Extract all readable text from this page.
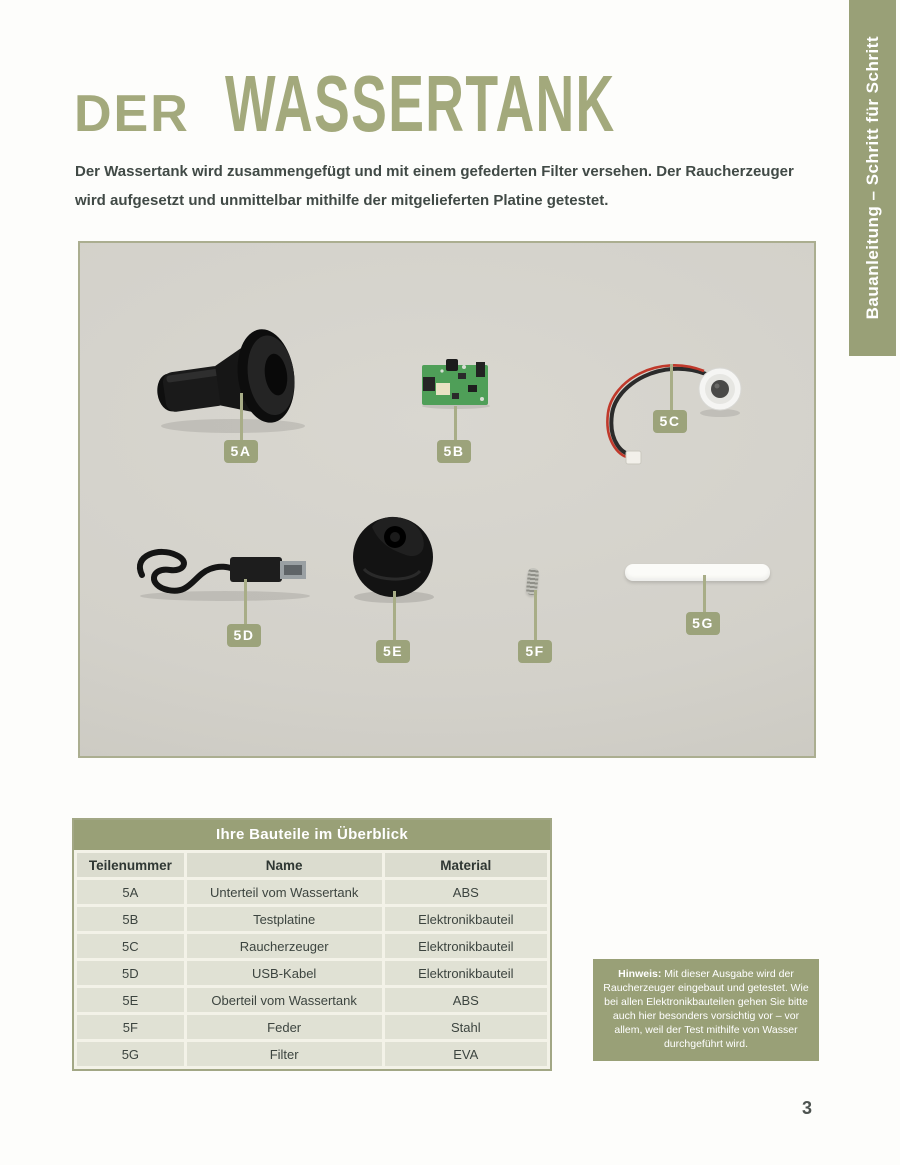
Bauanleitung – Schritt für Schritt
DER WASSERTANK

Der Wassertank wird zusammengefügt und mit einem gefederten Filter versehen. Der Raucherzeuger wird aufgesetzt und unmittelbar mithilfe der mitgelieferten Platine getestet.

5A	5B
5C
5D
5E	5F
5G
Ihre Bauteile im Überblick
Teilenummer	Name	Material
5A	Unterteil vom Wassertank	ABS
5B	Testplatine	Elektronikbauteil
5C	Raucherzeuger	Elektronikbauteil
5D	USB-Kabel	Elektronikbauteil
5E	Oberteil vom Wassertank	ABS
5F	Feder	Stahl
5G	Filter	EVA
Hinweis: Mit dieser Ausgabe wird der Raucherzeuger eingebaut und getestet. Wie bei allen Elektronikbauteilen gehen Sie bitte auch hier besonders vorsichtig vor – vor allem, weil der Test mithilfe von Wasser durchgeführt wird.
3
